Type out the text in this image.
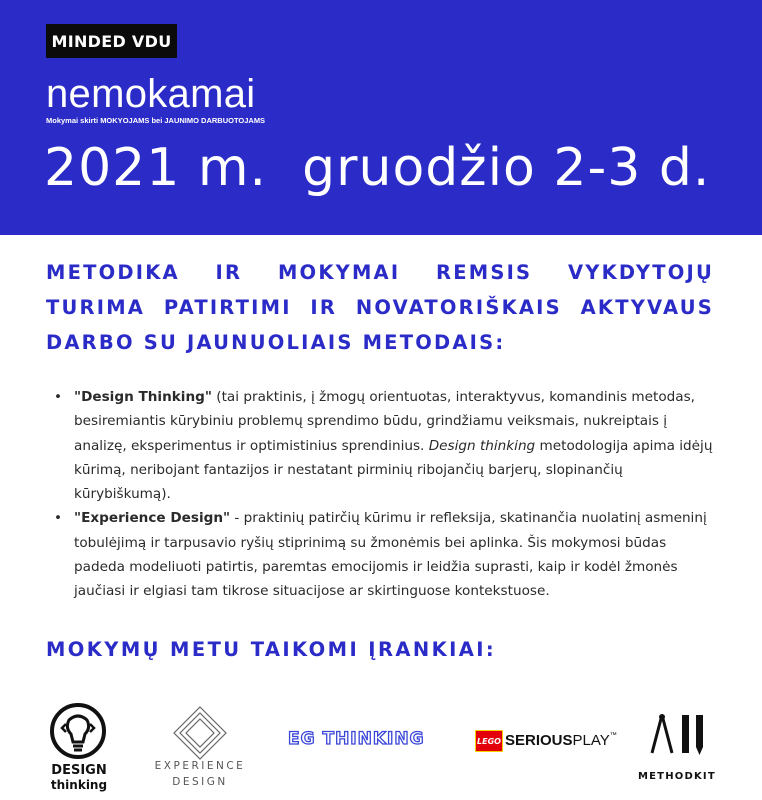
MINDED VDU
nemokamai
Mokymai skirti MOKYOJAMS bei JAUNIMO DARBUOTOJAMS
2021 m.  gruodžio 2-3 d.
METODIKA IR MOKYMAI REMSIS VYKDYTOJŲ TURIMA PATIRTIMI IR NOVATORIŠKAIS AKTYVAUS DARBO SU JAUNUOLIAIS METODAIS:
• "Design Thinking" (tai praktinis, į žmogų orientuotas, interaktyvus, komandinis metodas, besiremiantis kūrybiniu problemų sprendimo būdu, grindžiamu veiksmais, nukreiptais į analizę, eksperimentus ir optimistinius sprendinius. Design thinking metodologija apima idėjų kūrimą, neribojant fantazijos ir nestatant pirminių ribojančių barjerų, slopinančių kūrybiškumą).
• "Experience Design" - praktinių patirčių kūrimu ir refleksija, skatinančia nuolatinį asmeninį tobulėjimą ir tarpusavio ryšių stiprinimą su žmonėmis bei aplinka. Šis mokymosi būdas padeda modeliuoti patirtis, paremtas emocijomis ir leidžia suprasti, kaip ir kodėl žmonės jaučiasi ir elgiasi tam tikrose situacijose ar skirtinguose kontekstuose.
MOKYMŲ METU TAIKOMI ĮRANKIAI:
DESIGN
thinking
EXPERIENCE
DESIGN
EG THINKING	LEGO SERIOUSPLAY™
METHODKIT
